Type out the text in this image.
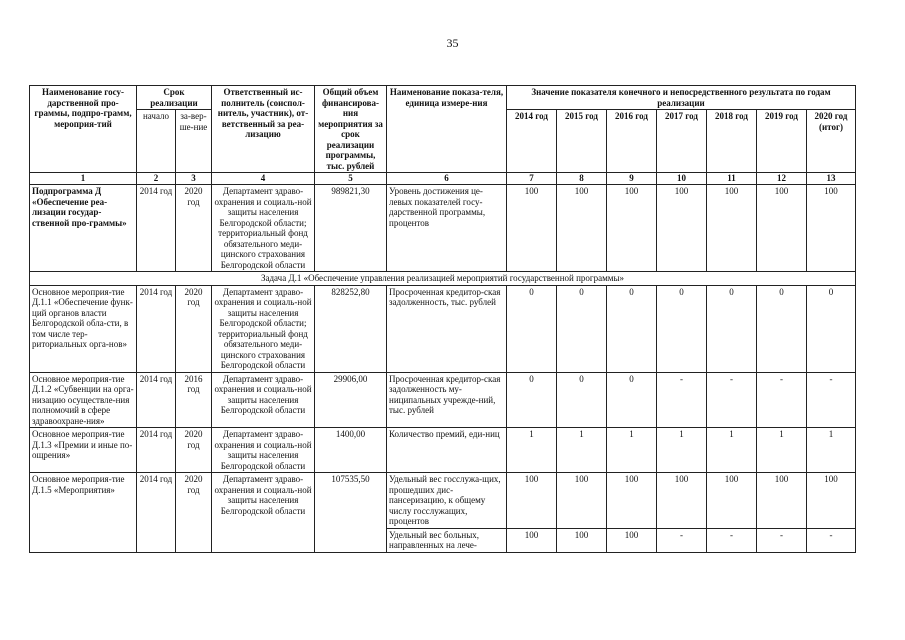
35
Наименование госу-дарственной про-граммы, подпро-грамм, мероприя-тий	Срок реализации		Ответственный ис-полнитель (соиспол-нитель, участник), от-ветственный за реа-лизацию	Общий объем финансирова-ния мероприятия за срок реализации программы, тыс. рублей	Наименование показа-теля, единица измере-ния	Значение показателя конечного и непосредственного результата по годам реализации						
	начало	за-вер-ше-ние				2014 год	2015 год	2016 год	2017 год	2018 год	2019 год	2020 год (итог)
1	2	3	4	5	6	7	8	9	10	11	12	13
Подпрограмма Д «Обеспечение реа-лизации государ-ственной про-граммы»	2014 год	2020 год	Департамент здраво-охранения и социаль-ной защиты населения Белгородской области; территориальный фонд обязательного меди-цинского страхования Белгородской области	989821,30	Уровень достижения це-левых показателей госу-дарственной программы, процентов	100	100	100	100	100	100	100
Задача Д.1 «Обеспечение управления реализацией мероприятий государственной программы»												
Основное мероприя-тие Д.1.1 «Обеспечение функ-ций органов власти Белгородской обла-сти, в том числе тер-риториальных орга-нов»	2014 год	2020 год	Департамент здраво-охранения и социаль-ной защиты населения Белгородской области; территориальный фонд обязательного меди-цинского страхования Белгородской области	828252,80	Просроченная кредитор-ская задолженность, тыс. рублей	0	0	0	0	0	0	0
Основное мероприя-тие Д.1.2 «Субвенции на орга-низацию осуществле-ния полномочий в сфере здравоохране-ния»	2014 год	2016 год	Департамент здраво-охранения и социаль-ной защиты населения Белгородской области	29906,00	Просроченная кредитор-ская задолженность му-ниципальных учрежде-ний, тыс. рублей	0	0	0	-	-	-	-
Основное мероприя-тие Д.1.3 «Премии и иные по-ощрения»	2014 год	2020 год	Департамент здраво-охранения и социаль-ной защиты населения Белгородской области	1400,00	Количество премий, еди-ниц	1	1	1	1	1	1	1
Основное мероприя-тие Д.1.5 «Мероприятия»	2014 год	2020 год	Департамент здраво-охранения и социаль-ной защиты населения Белгородской области	107535,50	Удельный вес госслужа-щих, прошедших дис-пансеризацию, к общему числу госслужащих, процентов	100	100	100	100	100	100	100
					Удельный вес больных, направленных на лече-	100	100	100	-	-	-	-
